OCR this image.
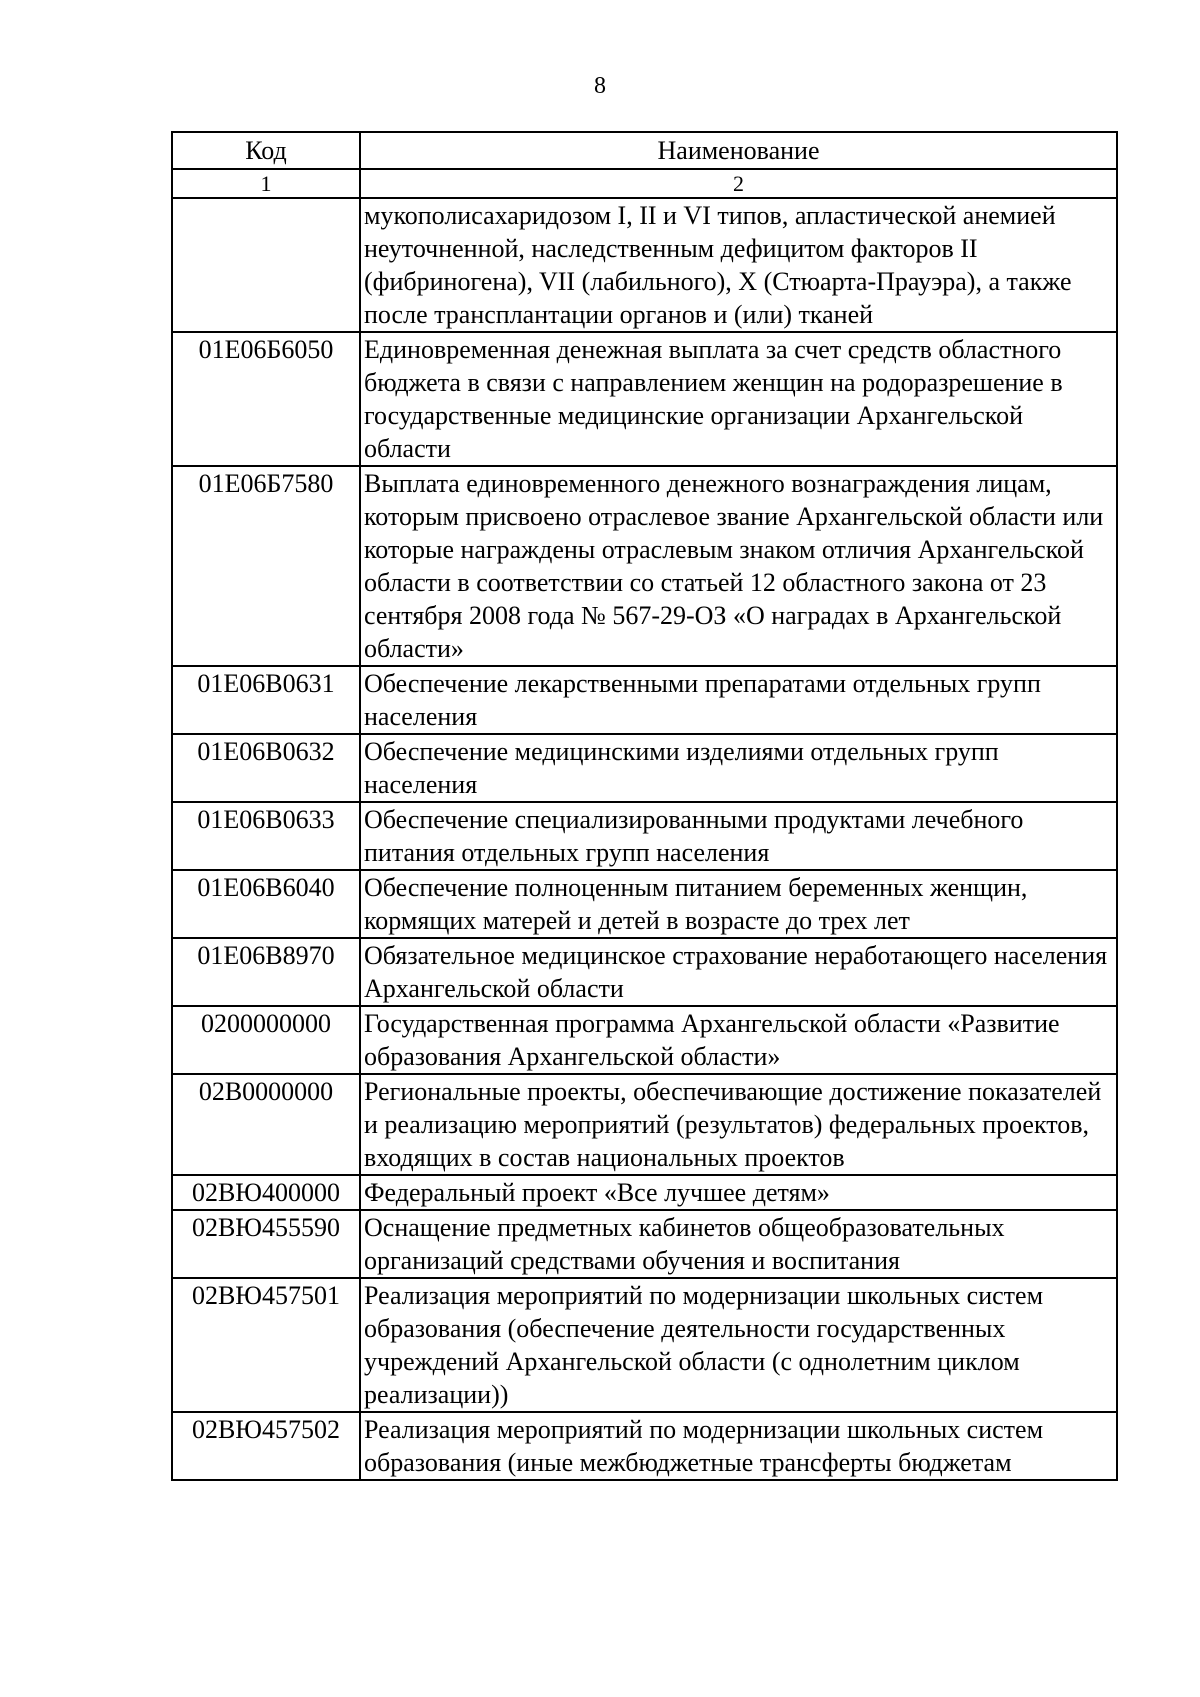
8
Код	Наименование
1	2
	мукополисахаридозом I, II и VI типов, апластической анемией неуточненной, наследственным дефицитом факторов II (фибриногена), VII (лабильного), X (Стюарта-Прауэра), а также после трансплантации органов и (или) тканей
01Е06Б6050	Единовременная денежная выплата за счет средств областного бюджета в связи с направлением женщин на родоразрешение в государственные медицинские организации Архангельской области
01Е06Б7580	Выплата единовременного денежного вознаграждения лицам, которым присвоено отраслевое звание Архангельской области или которые награждены отраслевым знаком отличия Архангельской области в соответствии со статьей 12 областного закона от 23 сентября 2008 года № 567-29-ОЗ «О наградах в Архангельской области»
01Е06В0631	Обеспечение лекарственными препаратами отдельных групп населения
01Е06В0632	Обеспечение медицинскими изделиями отдельных групп населения
01Е06В0633	Обеспечение специализированными продуктами лечебного питания отдельных групп населения
01Е06В6040	Обеспечение полноценным питанием беременных женщин, кормящих матерей и детей в возрасте до трех лет
01Е06В8970	Обязательное медицинское страхование неработающего населения Архангельской области
0200000000	Государственная программа Архангельской области «Развитие образования Архангельской области»
02В0000000	Региональные проекты, обеспечивающие достижение показателей и реализацию мероприятий (результатов) федеральных проектов, входящих в состав национальных проектов
02ВЮ400000	Федеральный проект «Все лучшее детям»
02ВЮ455590	Оснащение предметных кабинетов общеобразовательных организаций средствами обучения и воспитания
02ВЮ457501	Реализация мероприятий по модернизации школьных систем образования (обеспечение деятельности государственных учреждений Архангельской области (с однолетним циклом реализации))
02ВЮ457502	Реализация мероприятий по модернизации школьных систем образования (иные межбюджетные трансферты бюджетам
